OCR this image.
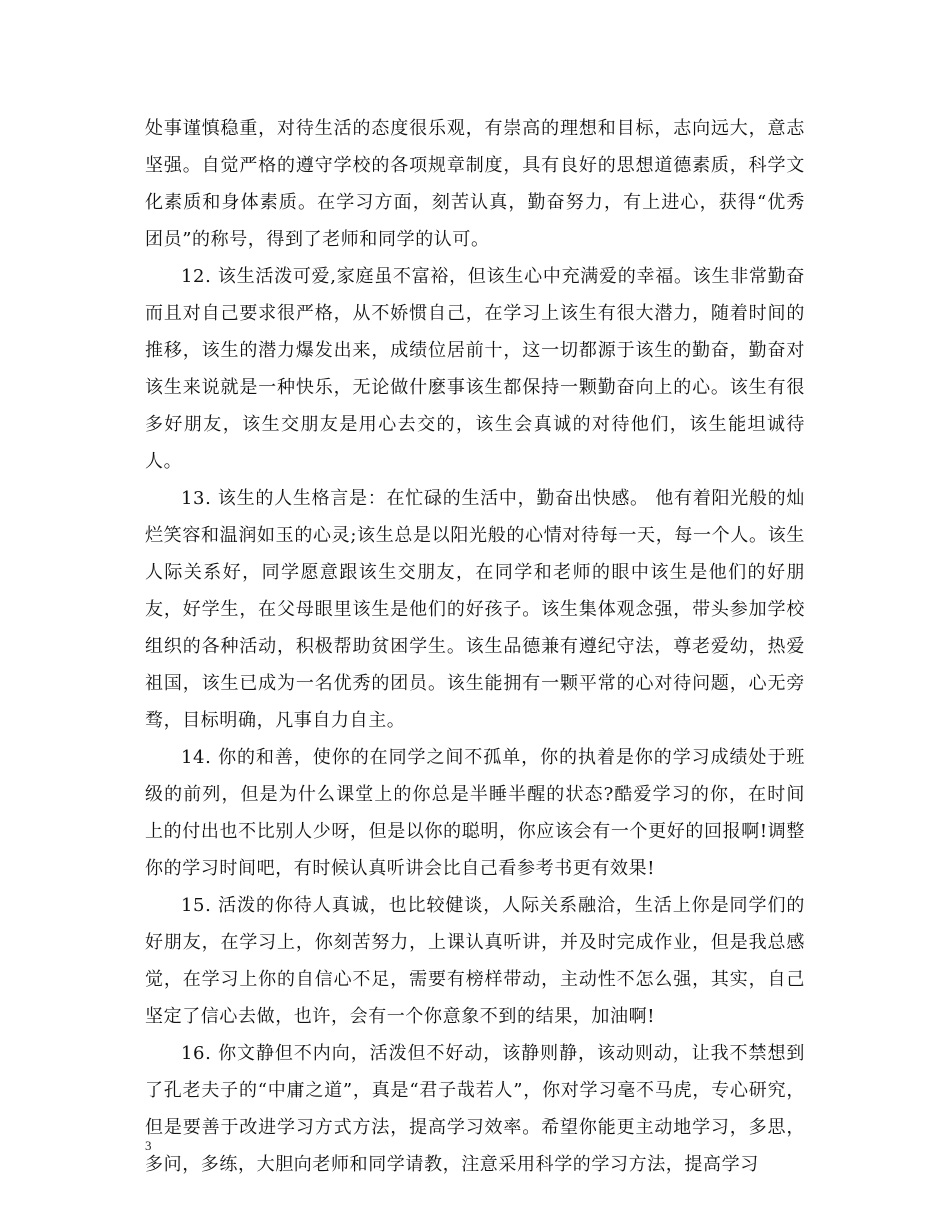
处事谨慎稳重，对待生活的态度很乐观，有崇高的理想和目标，志向远大，意志坚强。自觉严格的遵守学校的各项规章制度，具有良好的思想道德素质，科学文化素质和身体素质。在学习方面，刻苦认真，勤奋努力，有上进心，获得“优秀团员”的称号，得到了老师和同学的认可。

12. 该生活泼可爱,家庭虽不富裕，但该生心中充满爱的幸福。该生非常勤奋而且对自己要求很严格，从不娇惯自己，在学习上该生有很大潜力，随着时间的推移，该生的潜力爆发出来，成绩位居前十，这一切都源于该生的勤奋，勤奋对该生来说就是一种快乐，无论做什麽事该生都保持一颗勤奋向上的心。该生有很多好朋友，该生交朋友是用心去交的，该生会真诚的对待他们，该生能坦诚待人。

13. 该生的人生格言是：在忙碌的生活中，勤奋出快感。 他有着阳光般的灿烂笑容和温润如玉的心灵;该生总是以阳光般的心情对待每一天，每一个人。该生人际关系好，同学愿意跟该生交朋友，在同学和老师的眼中该生是他们的好朋友，好学生，在父母眼里该生是他们的好孩子。该生集体观念强，带头参加学校组织的各种活动，积极帮助贫困学生。该生品德兼有遵纪守法，尊老爱幼，热爱祖国，该生已成为一名优秀的团员。该生能拥有一颗平常的心对待问题，心无旁骛，目标明确，凡事自力自主。

14. 你的和善，使你的在同学之间不孤单，你的执着是你的学习成绩处于班级的前列，但是为什么课堂上的你总是半睡半醒的状态?酷爱学习的你，在时间上的付出也不比别人少呀，但是以你的聪明，你应该会有一个更好的回报啊!调整你的学习时间吧，有时候认真听讲会比自己看参考书更有效果!

15. 活泼的你待人真诚，也比较健谈，人际关系融洽，生活上你是同学们的好朋友，在学习上，你刻苦努力，上课认真听讲，并及时完成作业，但是我总感觉，在学习上你的自信心不足，需要有榜样带动，主动性不怎么强，其实，自己坚定了信心去做，也许，会有一个你意象不到的结果，加油啊!

16. 你文静但不内向，活泼但不好动，该静则静，该动则动，让我不禁想到了孔老夫子的“中庸之道”，真是“君子哉若人”，你对学习毫不马虎，专心研究，但是要善于改进学习方式方法，提高学习效率。希望你能更主动地学习，多思，多问，多练，大胆向老师和同学请教，注意采用科学的学习方法，提高学习

3
